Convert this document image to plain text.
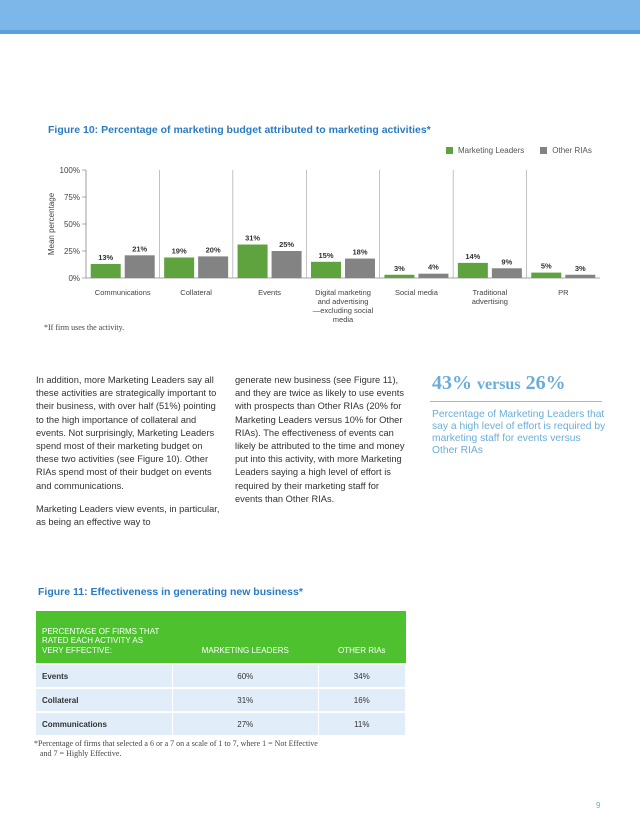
Figure 10: Percentage of marketing budget attributed to marketing activities*
Marketing Leaders	Other RIAs
Mean percentage
0%
25%
50%
75%
100%
13%
21%
Communications
19%	20%
Collateral
31%
25%
Events
15%	18%
Digital marketing
and advertising
—excluding social
media
3%	4%
Social media
14%
9%
Traditional
advertising
5%	3%
PR
*If firm uses the activity.

In addition, more Marketing Leaders say all these activities are strategically important to their business, with over half (51%) pointing to the high importance of collateral and events. Not surprisingly, Marketing Leaders spend most of their marketing budget on these two activities (see Figure 10). Other RIAs spend most of their budget on events and communications.

Marketing Leaders view events, in particular, as being an effective way to

generate new business (see Figure 11), and they are twice as likely to use events with prospects than Other RIAs (20% for Marketing Leaders versus 10% for Other RIAs). The effectiveness of events can likely be attributed to the time and money put into this activity, with more Marketing Leaders saying a high level of effort is required by their marketing staff for events than Other RIAs.

43% versus 26%
Percentage of Marketing Leaders that say a high level of effort is required by marketing staff for events versus Other RIAs
Figure 11: Effectiveness in generating new business*
PERCENTAGE OF FIRMS THAT RATED EACH ACTIVITY AS VERY EFFECTIVE:	MARKETING LEADERS	OTHER RIAs
Events	60%	34%
Collateral	31%	16%
Communications	27%	11%
*Percentage of firms that selected a 6 or a 7 on a scale of 1 to 7, where 1 = Not Effective
and 7 = Highly Effective.
9
